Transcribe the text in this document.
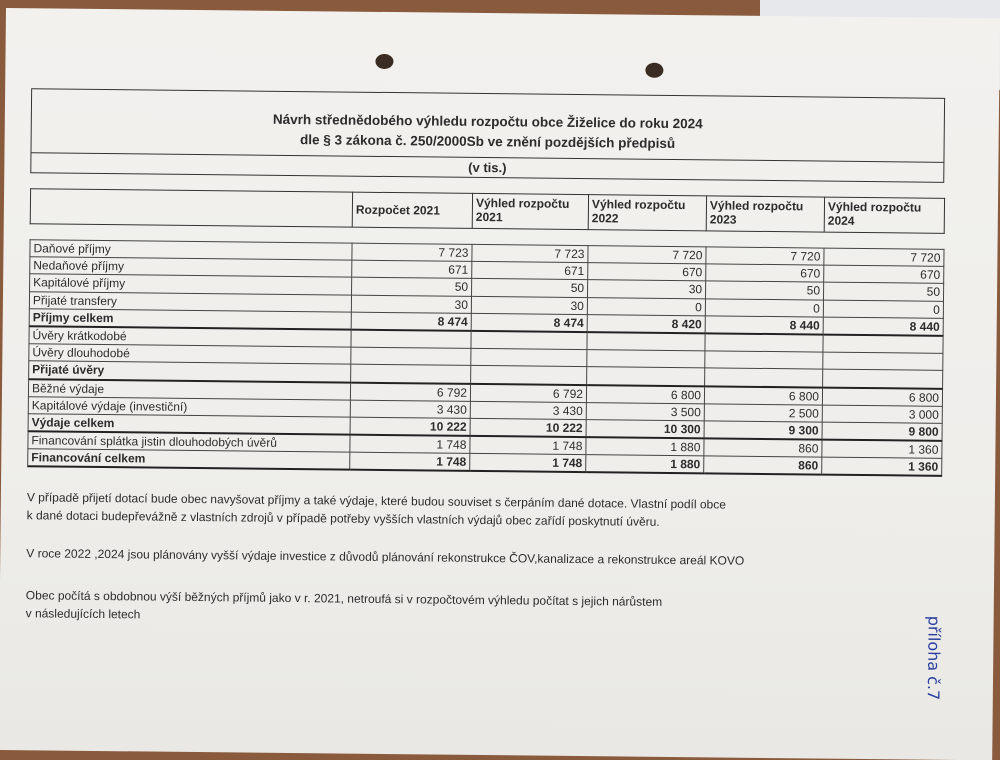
Návrh střednědobého výhledu rozpočtu obce Žiželice do roku 2024
dle § 3 zákona č. 250/2000Sb ve znění pozdějších předpisů
(v tis.)
	Rozpočet 2021	Výhled rozpočtu 2021	Výhled rozpočtu 2022	Výhled rozpočtu 2023	Výhled rozpočtu 2024
Daňové příjmy	7 723	7 723	7 720	7 720	7 720
Nedaňové příjmy	671	671	670	670	670
Kapitálové příjmy	50	50	30	50	50
Přijaté transfery	30	30	0	0	0
Příjmy celkem	8 474	8 474	8 420	8 440	8 440
Úvěry krátkodobé					
Úvěry dlouhodobé					
Přijaté úvěry					
Běžné výdaje	6 792	6 792	6 800	6 800	6 800
Kapitálové výdaje (investiční)	3 430	3 430	3 500	2 500	3 000
Výdaje celkem	10 222	10 222	10 300	9 300	9 800
Financování splátka jistin dlouhodobých úvěrů	1 748	1 748	1 880	860	1 360
Financování celkem	1 748	1 748	1 880	860	1 360

V případě přijetí dotací bude obec navyšovat příjmy a také výdaje, které budou souviset s čerpáním dané dotace. Vlastní podíl obce
k dané dotaci budepřevážně z vlastních zdrojů v případě potřeby vyšších vlastních výdajů obec zařídí poskytnutí úvěru.

V roce 2022 ,2024 jsou plánovány vyšší výdaje investice z důvodů plánování rekonstrukce ČOV,kanalizace a rekonstrukce areál KOVO

Obec počítá s obdobnou výší běžných příjmů jako v r. 2021, netroufá si v rozpočtovém výhledu počítat s jejich nárůstem
v následujících letech

příloha č.7
